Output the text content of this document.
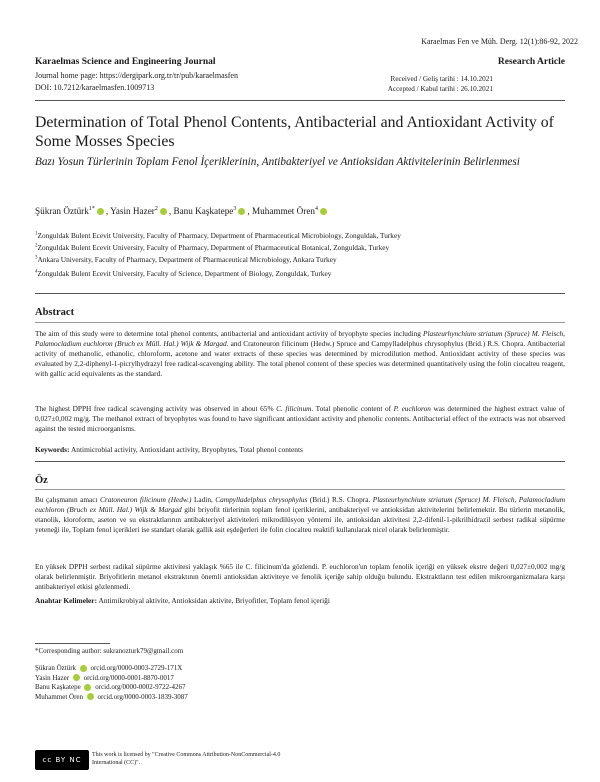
Karaelmas Fen ve Müh. Derg. 12(1):86-92, 2022
Karaelmas Science and Engineering Journal
Journal home page: https://dergipark.org.tr/tr/pub/karaelmasfen
DOI: 10.7212/karaelmasfen.1009713
Research Article
Received / Geliş tarihi : 14.10.2021
Accepted / Kabul tarihi : 26.10.2021
Determination of Total Phenol Contents, Antibacterial and Antioxidant Activity of Some Mosses Species
Bazı Yosun Türlerinin Toplam Fenol İçeriklerinin, Antibakteriyel ve Antioksidan Aktivitelerinin Belirlenmesi
Şükran Öztürk$^{1*}$ , Yasin Hazer$^2$ , Banu Kaşkatepe$^3$ , Muhammet Ören$^4$
$^1$Zonguldak Bulent Ecevit University, Faculty of Pharmacy, Department of Pharmaceutical Microbiology, Zonguldak, Turkey
$^2$Zonguldak Bulent Ecevit University, Faculty of Pharmacy, Department of Pharmaceutical Botanical, Zonguldak, Turkey
$^3$Ankara University, Faculty of Pharmacy, Department of Pharmaceutical Microbiology, Ankara Turkey
$^4$Zonguldak Bulent Ecevit University, Faculty of Science, Department of Biology, Zonguldak, Turkey
Abstract
The aim of this study were to determine total phenol contents, antibacterial and antioxidant activity of bryophyte species including Plasteurhynchium striatum (Spruce) M. Fleisch, Palamocladium euchloron (Bruch ex Müll. Hal.) Wijk & Margad. and Cratoneuron filicinum (Hedw.) Spruce and Campylladelphus chrysophylus (Brid.) R.S. Chopra. Antibacterial activity of methanolic, ethanolic, chloroform, acetone and water extracts of these species was determined by microdilution method. Antioxidant activity of these species was evaluated by 2,2-diphenyl-1-picrylhydrazyl free radical-scavenging ability. The total phenol content of these species was determined quantitatively using the folin ciocalteu reagent, with gallic acid equivalents as the standard.
The highest DPPH free radical scavenging activity was observed in about 65% C. filicinum. Total phenolic content of P. euchloron was determined the highest extract value of 0,027±0,002 mg/g. The methanol extract of bryophytes was found to have significant antioxidant activity and phenolic contents. Antibacterial effect of the extracts was not observed against the tested microorganisms.
Keywords: Antimicrobial activity, Antioxidant activity, Bryophytes, Total phenol contents
Öz
Bu çalışmanın amacı Cratoneuron filicinum (Hedw.) Ladin, Campylladelphus chrysophylus (Brid.) R.S. Chopra. Plasteurhynchium striatum (Spruce) M. Fleisch, Palamocladium euchloron (Bruch ex Müll. Hal.) Wijk & Margad gibi briyofit türlerinin toplam fenol içeriklerini, antibakteriyel ve antioksidan aktivitelerini belirlemektir. Bu türlerin metanolik, etanolik, kloroform, aseton ve su ekstraktlarının antibakteriyel aktiviteleri mikrodilüsyon yöntemi ile, antioksidan aktivitesi 2,2-difenil-1-pikrilhidrazil serbest radikal süpürme yeteneği ile, Toplam fenol içerikleri ise standart olarak gallik asit eşdeğerleri ile folin ciocalteu reaktifi kullanılarak nicel olarak belirlenmiştir.
En yüksek DPPH serbest radikal süpürme aktivitesi yaklaşık %65 ile C. filicinum'da gözlendi. P. euchloron'un toplam fenolik içeriği en yüksek ekstre değeri 0,027±0,002 mg/g olarak belirlenmiştir. Briyofitlerin metanol ekstraktının önemli antioksidan aktiviteye ve fenolik içeriğe sahip olduğu bulundu. Ekstraktların test edilen mikroorganizmalara karşı antibakteriyel etkisi gözlenmedi.
Anahtar Kelimeler: Antimikrobiyal aktivite, Antioksidan aktivite, Briyofitler, Toplam fenol içeriği
*Corresponding author: sukranozturk79@gmail.com
Şükran Öztürk orcid.org/0000-0003-2729-171X
Yasin Hazer orcid.org/0000-0001-8870-0017
Banu Kaşkatepe orcid.org/0000-0002-9722-4267
Muhammet Ören orcid.org/0000-0003-1839-3087
cc BY NC
This work is licensed by "Creative Commons Attribution-NonCommercial-4.0 International (CC)".
